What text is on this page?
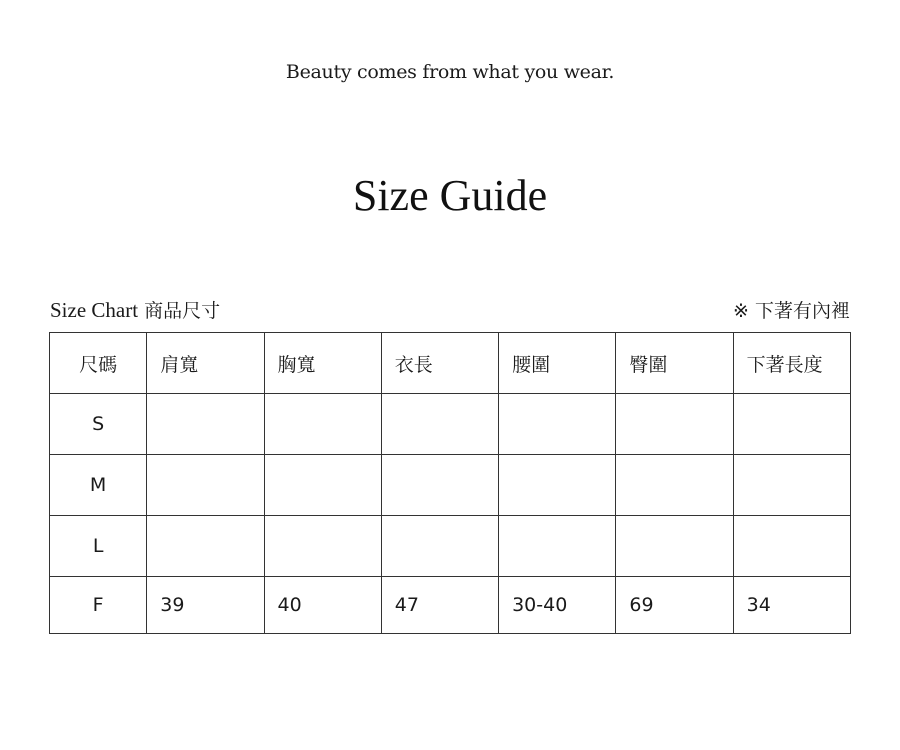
Beauty comes from what you wear.
Size Guide
Size Chart 商品尺寸	※ 下著有內裡
尺碼	肩寬	胸寬	衣長	腰圍	臀圍	下著長度
S						
M						
L						
F	39	40	47	30-40	69	34
